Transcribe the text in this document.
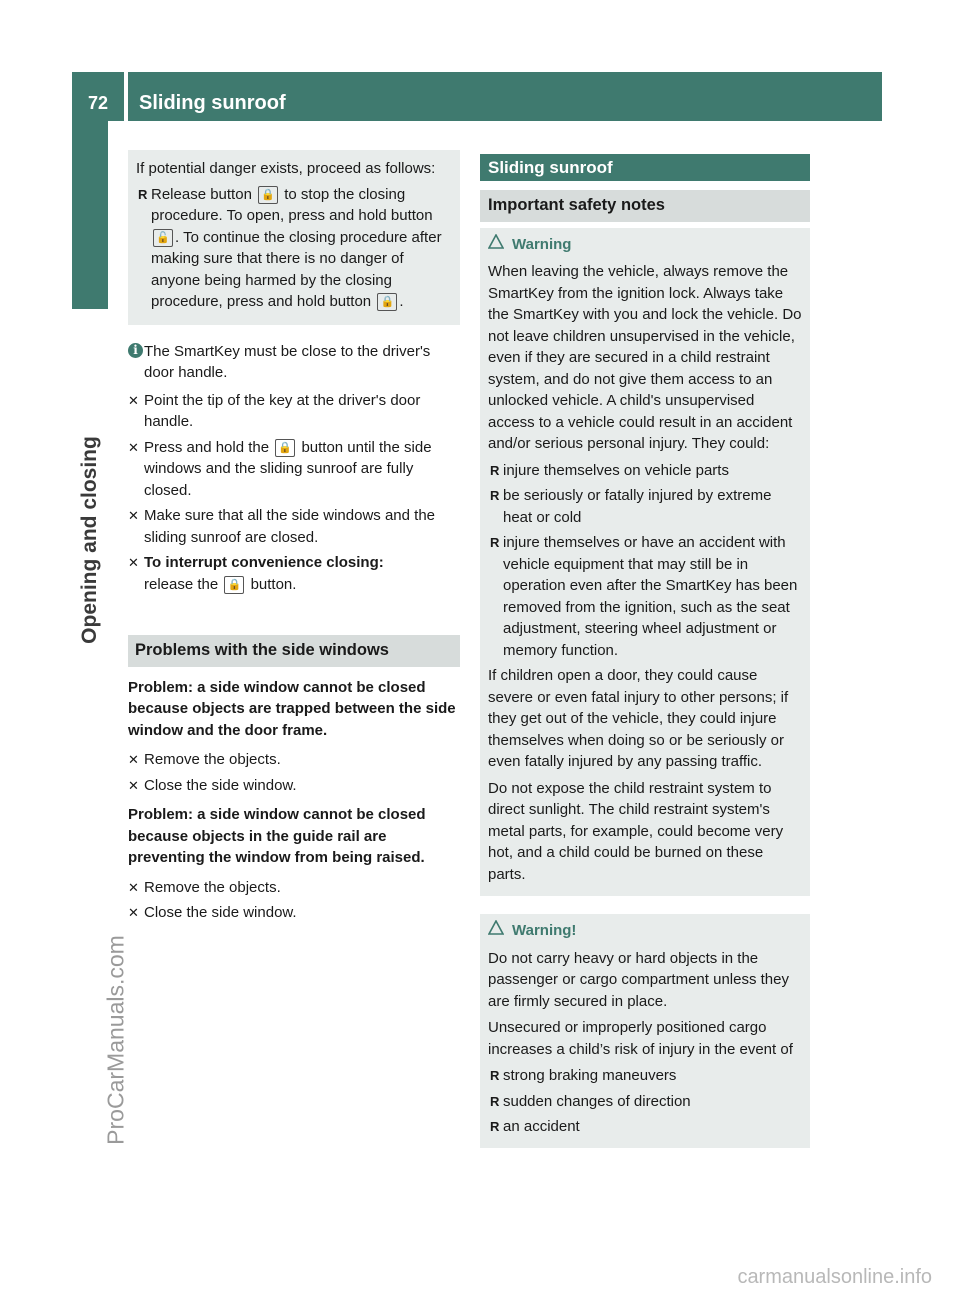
72	Sliding sunroof
Opening and closing
ProCarManuals.com
carmanualsonline.info

If potential danger exists, proceed as follows:

R Release button 🔒 to stop the closing procedure. To open, press and hold button 🔓 . To continue the closing procedure after making sure that there is no danger of anyone being harmed by the closing procedure, press and hold button 🔒 .
i The SmartKey must be close to the driver's door handle.
✕ Point the tip of the key at the driver's door handle.
✕ Press and hold the 🔒 button until the side windows and the sliding sunroof are fully closed.
✕ Make sure that all the side windows and the sliding sunroof are closed.
✕ To interrupt convenience closing:
release the 🔒 button.
Problems with the side windows

Problem: a side window cannot be closed because objects are trapped between the side window and the door frame.

✕ Remove the objects.
✕ Close the side window.

Problem: a side window cannot be closed because objects in the guide rail are preventing the window from being raised.

✕ Remove the objects.
✕ Close the side window.
Sliding sunroof
Important safety notes
Warning

When leaving the vehicle, always remove the SmartKey from the ignition lock. Always take the SmartKey with you and lock the vehicle. Do not leave children unsupervised in the vehicle, even if they are secured in a child restraint system, and do not give them access to an unlocked vehicle. A child's unsupervised access to a vehicle could result in an accident and/or serious personal injury. They could:

R injure themselves on vehicle parts
R be seriously or fatally injured by extreme heat or cold
R injure themselves or have an accident with vehicle equipment that may still be in operation even after the SmartKey has been removed from the ignition, such as the seat adjustment, steering wheel adjustment or memory function.

If children open a door, they could cause severe or even fatal injury to other persons; if they get out of the vehicle, they could injure themselves when doing so or be seriously or even fatally injured by any passing traffic.

Do not expose the child restraint system to direct sunlight. The child restraint system's metal parts, for example, could become very hot, and a child could be burned on these parts.

Warning!

Do not carry heavy or hard objects in the passenger or cargo compartment unless they are firmly secured in place.

Unsecured or improperly positioned cargo increases a child’s risk of injury in the event of

R strong braking maneuvers
R sudden changes of direction
R an accident
